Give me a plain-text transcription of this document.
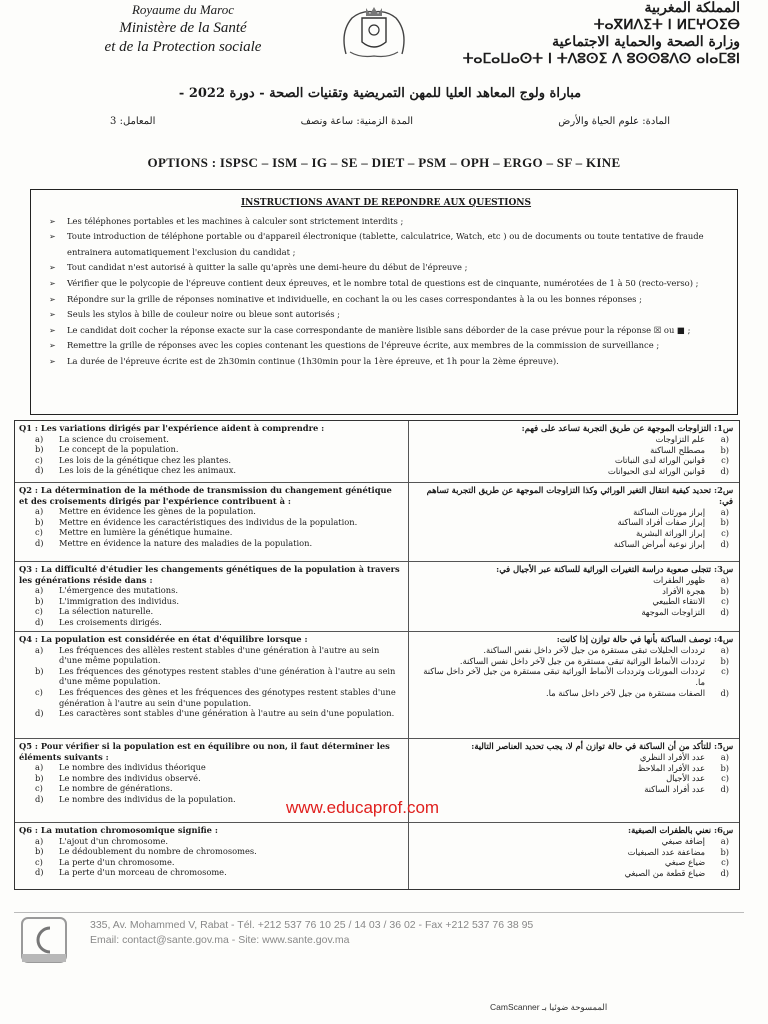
Royaume du Maroc
Ministère de la Santé
et de la Protection sociale
المملكة المغربية
ⵜⴰⴳⵍⴷⵉⵜ ⵏ ⵍⵎⵖⵔⵉⴱ
وزارة الصحة والحماية الاجتماعية
ⵜⴰⵎⴰⵡⴰⵙⵜ ⵏ ⵜⴷⵓⵙⵉ ⴷ ⵓⵙⵙⵓⴷⵙ ⴰⵏⴰⵎⵓⵏ
مباراة ولوج المعاهد العليا للمهن التمريضية وتقنيات الصحة - دورة 2022 -
المادة: علوم الحياة والأرض
المدة الزمنية: ساعة ونصف
المعامل: 3
OPTIONS : ISPSC – ISM – IG – SE – DIET – PSM – OPH – ERGO – SF – KINE
INSTRUCTIONS AVANT DE REPONDRE AUX QUESTIONS
➢ Les téléphones portables et les machines à calculer sont strictement interdits ;
➢ Toute introduction de téléphone portable ou d'appareil électronique (tablette, calculatrice, Watch, etc ) ou de documents ou toute tentative de fraude entrainera automatiquement l'exclusion du candidat ;
➢ Tout candidat n'est autorisé à quitter la salle qu'après une demi-heure du début de l'épreuve ;
➢ Vérifier que le polycopie de l'épreuve contient deux épreuves, et le nombre total de questions est de cinquante, numérotées de 1 à 50 (recto-verso) ;
➢ Répondre sur la grille de réponses nominative et individuelle, en cochant la ou les cases correspondantes à la ou les bonnes réponses ;
➢ Seuls les stylos à bille de couleur noire ou bleue sont autorisés ;
➢ Le candidat doit cocher la réponse exacte sur la case correspondante de manière lisible sans déborder de la case prévue pour la réponse ☒ ou ■ ;
➢ Remettre la grille de réponses avec les copies contenant les questions de l'épreuve écrite, aux membres de la commission de surveillance ;
➢ La durée de l'épreuve écrite est de 2h30min continue (1h30min pour la 1ère épreuve, et 1h pour la 2ème épreuve).
Q1 : Les variations dirigés par l'expérience aident à comprendre :
a)	La science du croisement.
b)	Le concept de la population.
c)	Les lois de la génétique chez les plantes.
d)	Les lois de la génétique chez les animaux.
س1: التزاوجات الموجهة عن طريق التجربة تساعد على فهم:
(a
علم التزاوجات
(b
مصطلح الساكنة
(c
قوانين الوراثة لدى النباتات
(d
قوانين الوراثة لدى الحيوانات
Q2 : La détermination de la méthode de transmission du changement génétique et des croisements dirigés par l'expérience contribuent à :
a)	Mettre en évidence les gènes de la population.
b)	Mettre en évidence les caractéristiques des individus de la population.
c)	Mettre en lumière la génétique humaine.
d)	Mettre en évidence la nature des maladies de la population.
س2: تحديد كيفية انتقال التغير الوراثي وكذا التزاوجات الموجهة عن طريق التجربة تساهم في:
(a
إبراز مورثات الساكنة
(b
إبراز صفات أفراد الساكنة
(c
إبراز الوراثة البشرية
(d
إبراز نوعية أمراض الساكنة
Q3 : La difficulté d'étudier les changements génétiques de la population à travers les générations réside dans :
a)	L'émergence des mutations.
b)	L'immigration des individus.
c)	La sélection naturelle.
d)	Les croisements dirigés.
س3: تتجلى صعوبة دراسة التغيرات الوراثية للساكنة عبر الأجيال في:
(a
ظهور الطفرات
(b
هجرة الأفراد
(c
الانتقاء الطبيعي
(d
التزاوجات الموجهة
Q4 : La population est considérée en état d'équilibre lorsque :
a)	Les fréquences des allèles restent stables d'une génération à l'autre au sein d'une même population.
b)	Les fréquences des génotypes restent stables d'une génération à l'autre au sein d'une même population.
c)	Les fréquences des gènes et les fréquences des génotypes restent stables d'une génération à l'autre au sein d'une population.
d)	Les caractères sont stables d'une génération à l'autre au sein d'une population.
س4: توصف الساكنة بأنها في حالة توازن إذا كانت:
(a
ترددات الحليلات تبقى مستقرة من جيل لآخر داخل نفس الساكنة.
(b
ترددات الأنماط الوراثية تبقى مستقرة من جيل لآخر داخل نفس الساكنة.
(c
ترددات المورثات وترددات الأنماط الوراثية تبقى مستقرة من جيل لآخر داخل ساكنة ما.
(d
الصفات مستقرة من جيل لآخر داخل ساكنة ما.
Q5 : Pour vérifier si la population est en équilibre ou non, il faut déterminer les éléments suivants :
a)	Le nombre des individus théorique
b)	Le nombre des individus observé.
c)	Le nombre de générations.
d)	Le nombre des individus de la population.
س5: للتأكد من أن الساكنة في حالة توازن أم لا، يجب تحديد العناصر التالية:
(a
عدد الأفراد النظري
(b
عدد الأفراد الملاحظ
(c
عدد الأجيال
(d
عدد أفراد الساكنة
Q6 : La mutation chromosomique signifie :
a)	L'ajout d'un chromosome.
b)	Le dédoublement du nombre de chromosomes.
c)	La perte d'un chromosome.
d)	La perte d'un morceau de chromosome.
س6: نعني بالطفرات الصبغية:
(a
إضافة صبغي
(b
مضاعفة عدد الصبغيات
(c
ضياع صبغي
(d
ضياع قطعة من الصبغي
www.educaprof.com
335, Av. Mohammed V, Rabat - Tél. +212 537 76 10 25 / 14 03 / 36 02 - Fax +212 537 76 38 95
Email: contact@sante.gov.ma - Site: www.sante.gov.ma
CamScanner الممسوحة ضوئيا بـ
